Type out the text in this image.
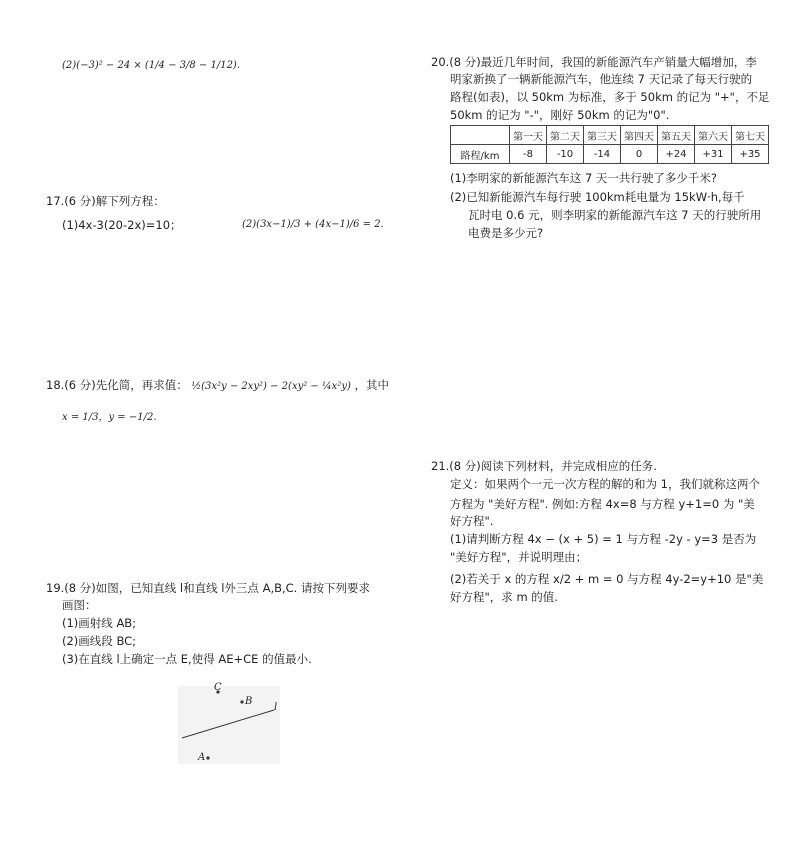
(2)(−3)² − 24 × (1/4 − 3/8 − 1/12).
17.(6 分)解下列方程：
(1)4x-3(20-2x)=10；	(2)(3x−1)/3 + (4x−1)/6 = 2.
18.(6 分)先化简，再求值： ½(3x²y − 2xy²) − 2(xy² − ¼x²y) ，其中
x = 1/3，y = −1/2.
19.(8 分)如图，已知直线 l和直线 l外三点 A,B,C. 请按下列要求
画图：
(1)画射线 AB;
(2)画线段 BC;
(3)在直线 l上确定一点 E,使得 AE+CE 的值最小.
C
B
l
A
20.(8 分)最近几年时间，我国的新能源汽车产销量大幅增加，李
明家新换了一辆新能源汽车，他连续 7 天记录了每天行驶的
路程(如表)，以 50km 为标准，多于 50km 的记为 "+"，不足
50km 的记为 "-"，刚好 50km 的记为"0".
	第一天	第二天	第三天	第四天	第五天	第六天	第七天
路程/km	-8	-10	-14	0	+24	+31	+35
(1)李明家的新能源汽车这 7 天一共行驶了多少千米?
(2)已知新能源汽车每行驶 100km耗电量为 15kW·h,每千
瓦时电 0.6 元，则李明家的新能源汽车这 7 天的行驶所用
电费是多少元?
21.(8 分)阅读下列材料，并完成相应的任务.
定义：如果两个一元一次方程的解的和为 1，我们就称这两个
方程为 "美好方程". 例如:方程 4x=8 与方程 y+1=0 为 "美
好方程".
(1)请判断方程 4x − (x + 5) = 1 与方程 -2y - y=3 是否为
"美好方程"，并说明理由；
(2)若关于 x 的方程 x/2 + m = 0 与方程 4y-2=y+10 是"美
好方程"，求 m 的值.
